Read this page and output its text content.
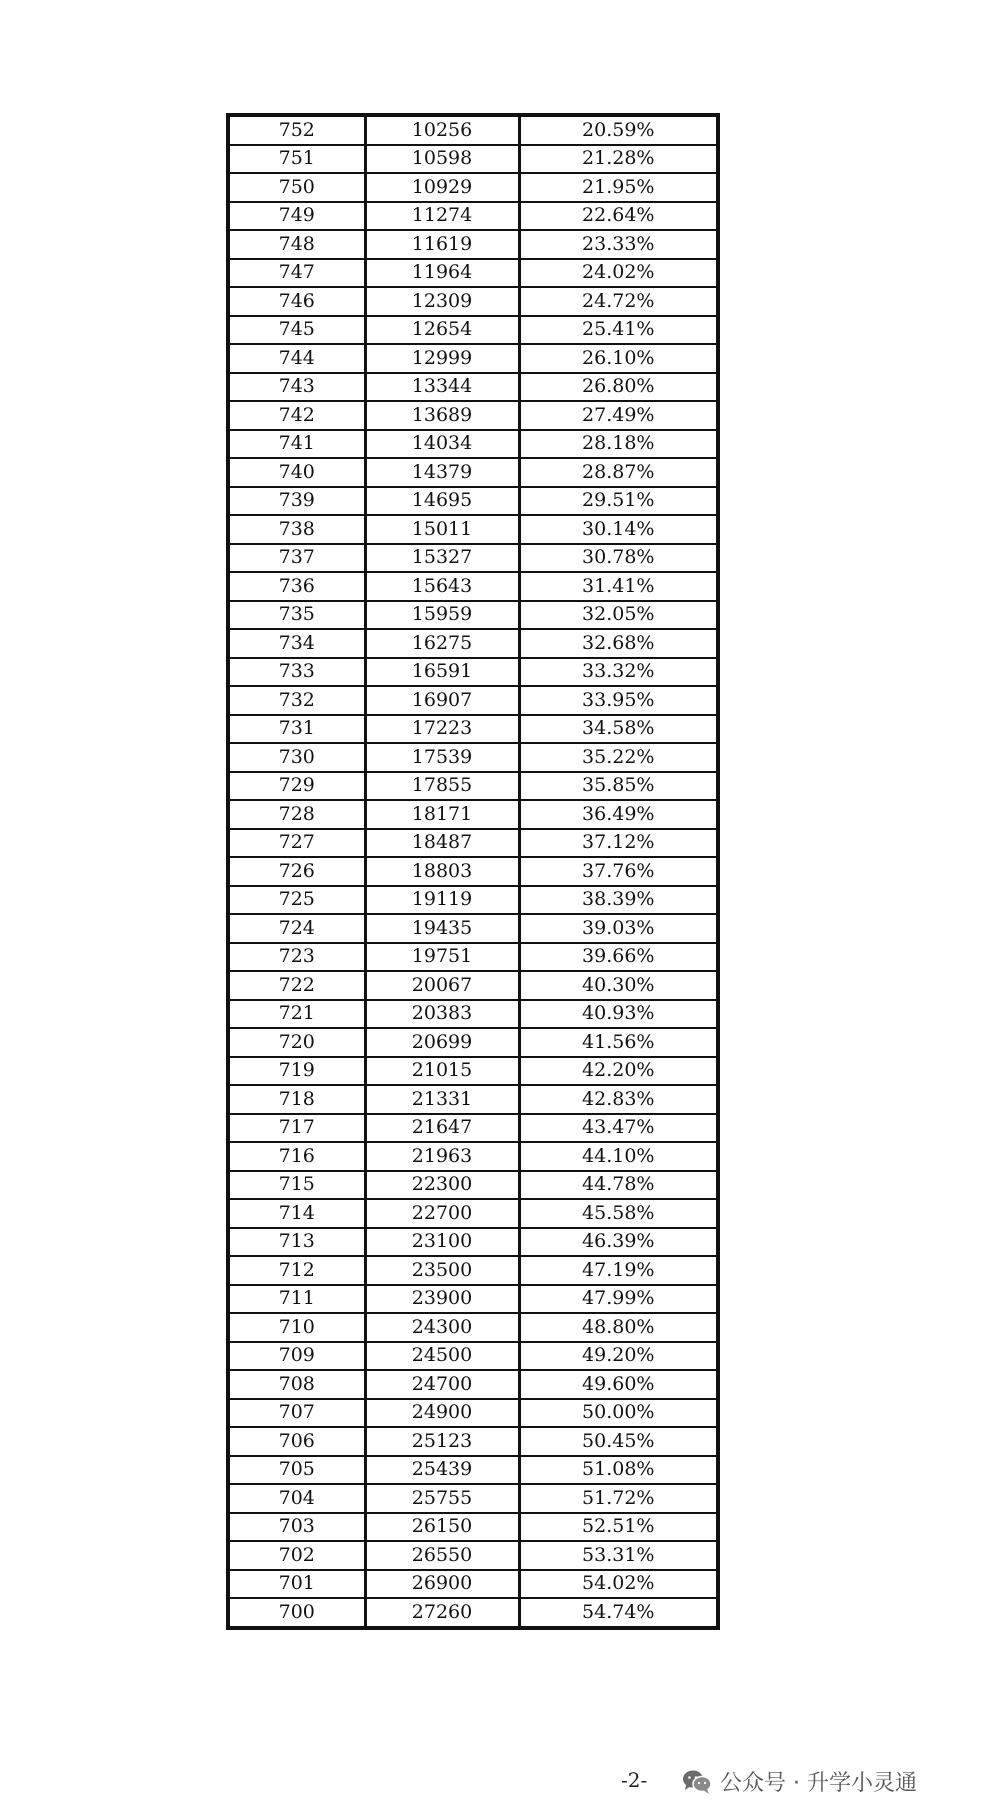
752	10256	20.59%
751	10598	21.28%
750	10929	21.95%
749	11274	22.64%
748	11619	23.33%
747	11964	24.02%
746	12309	24.72%
745	12654	25.41%
744	12999	26.10%
743	13344	26.80%
742	13689	27.49%
741	14034	28.18%
740	14379	28.87%
739	14695	29.51%
738	15011	30.14%
737	15327	30.78%
736	15643	31.41%
735	15959	32.05%
734	16275	32.68%
733	16591	33.32%
732	16907	33.95%
731	17223	34.58%
730	17539	35.22%
729	17855	35.85%
728	18171	36.49%
727	18487	37.12%
726	18803	37.76%
725	19119	38.39%
724	19435	39.03%
723	19751	39.66%
722	20067	40.30%
721	20383	40.93%
720	20699	41.56%
719	21015	42.20%
718	21331	42.83%
717	21647	43.47%
716	21963	44.10%
715	22300	44.78%
714	22700	45.58%
713	23100	46.39%
712	23500	47.19%
711	23900	47.99%
710	24300	48.80%
709	24500	49.20%
708	24700	49.60%
707	24900	50.00%
706	25123	50.45%
705	25439	51.08%
704	25755	51.72%
703	26150	52.51%
702	26550	53.31%
701	26900	54.02%
700	27260	54.74%
-2-	公众号 · 升学小灵通
